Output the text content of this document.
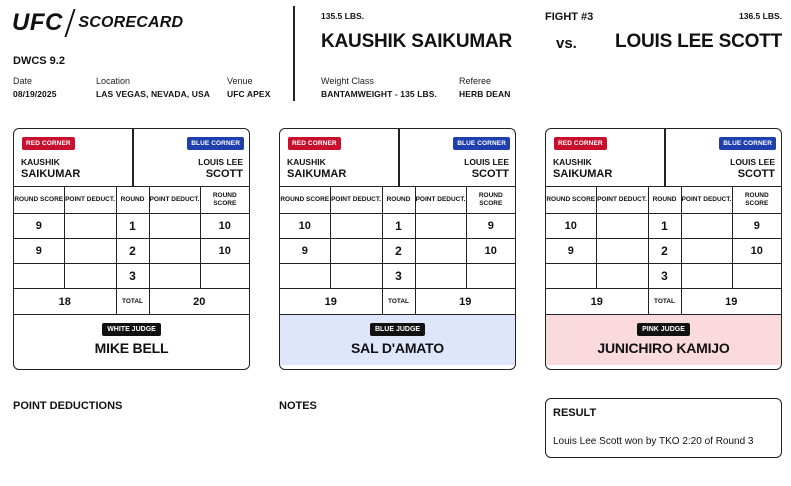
UFC SCORECARD
DWCS 9.2
Date
08/19/2025
Location
LAS VEGAS, NEVADA, USA
Venue
UFC APEX
135.5 LBS.
KAUSHIK SAIKUMAR	vs.
FIGHT #3	136.5 LBS.
LOUIS LEE SCOTT
Weight Class
BANTAMWEIGHT - 135 LBS.
Referee
HERB DEAN
RED CORNER	BLUE CORNER
KAUSHIK
SAIKUMAR
LOUIS LEE
SCOTT
ROUND SCORE	POINT DEDUCT.	ROUND	POINT DEDUCT.	ROUND SCORE
9		1		10
9		2		10
		3		
18		TOTAL	20	
WHITE JUDGE
MIKE BELL
RED CORNER	BLUE CORNER
KAUSHIK
SAIKUMAR
LOUIS LEE
SCOTT
ROUND SCORE	POINT DEDUCT.	ROUND	POINT DEDUCT.	ROUND SCORE
10		1		9
9		2		10
		3		
19		TOTAL	19	
BLUE JUDGE
SAL D'AMATO
RED CORNER	BLUE CORNER
KAUSHIK
SAIKUMAR
LOUIS LEE
SCOTT
ROUND SCORE	POINT DEDUCT.	ROUND	POINT DEDUCT.	ROUND SCORE
10		1		9
9		2		10
		3		
19		TOTAL	19	
PINK JUDGE
JUNICHIRO KAMIJO
POINT DEDUCTIONS	NOTES
RESULT
Louis Lee Scott won by TKO 2:20 of Round 3
